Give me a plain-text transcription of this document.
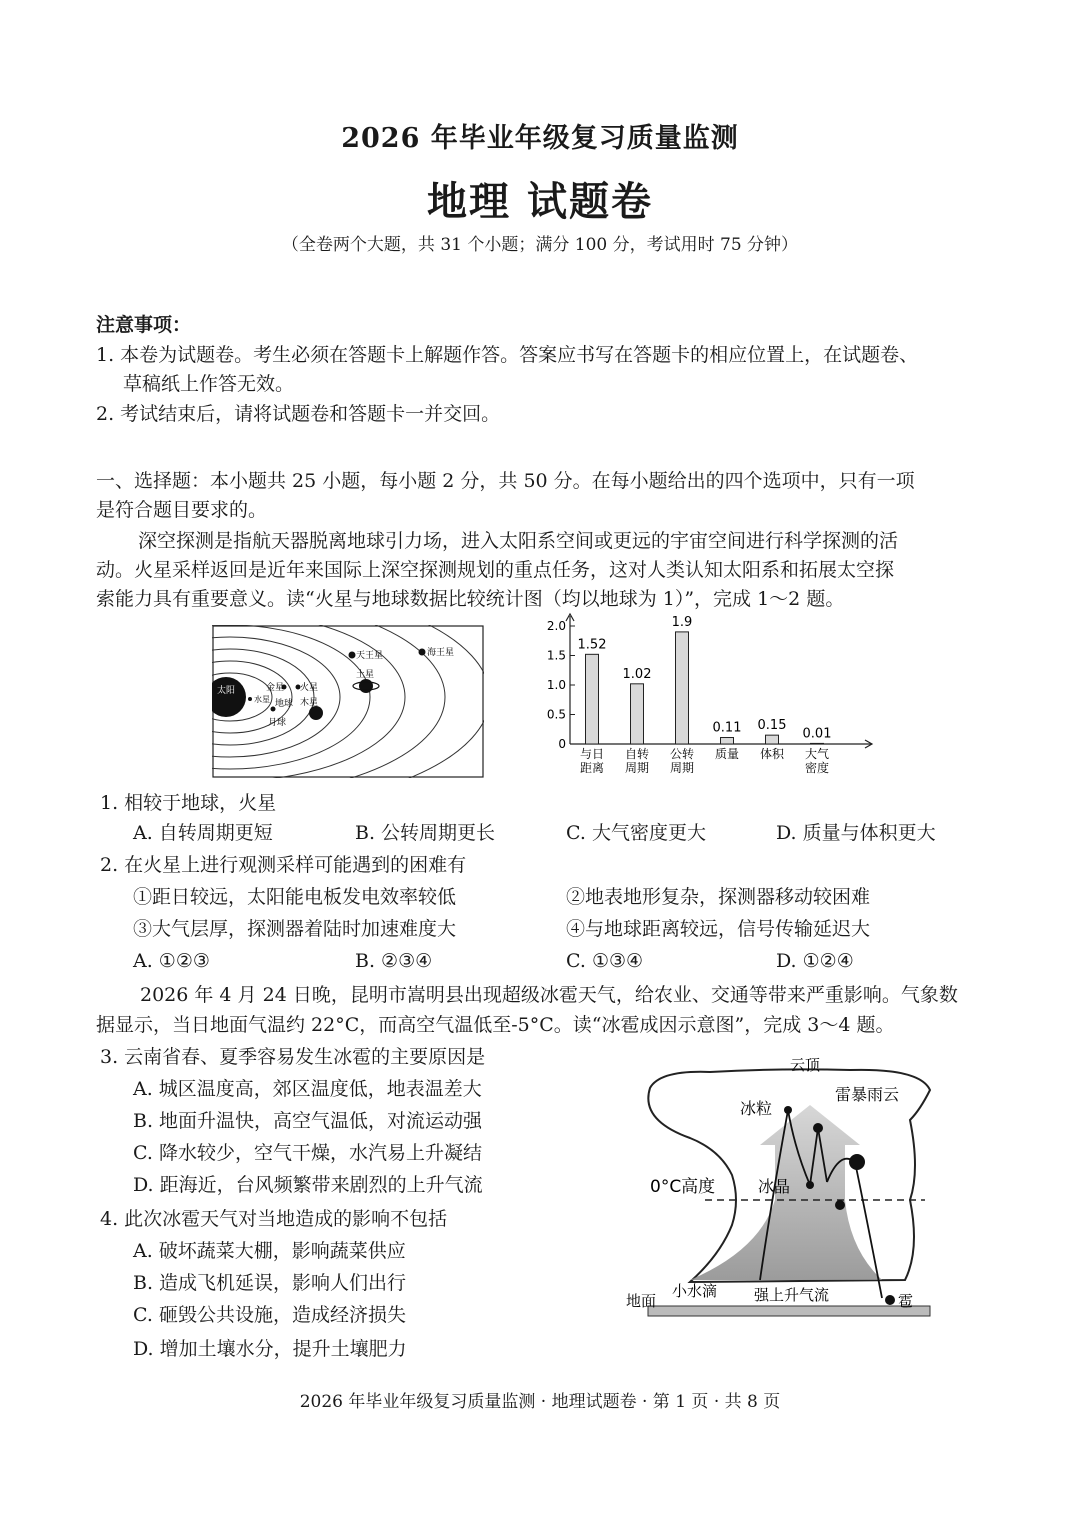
2026 年毕业年级复习质量监测
地理 试题卷
（全卷两个大题，共 31 个小题；满分 100 分，考试用时 75 分钟）
注意事项：
1. 本卷为试题卷。考生必须在答题卡上解题作答。答案应书写在答题卡的相应位置上，在试题卷、
草稿纸上作答无效。
2. 考试结束后，请将试题卷和答题卡一并交回。
一、选择题：本小题共 25 小题，每小题 2 分，共 50 分。在每小题给出的四个选项中，只有一项
是符合题目要求的。
深空探测是指航天器脱离地球引力场，进入太阳系空间或更远的宇宙空间进行科学探测的活
动。火星采样返回是近年来国际上深空探测规划的重点任务，这对人类认知太阳系和拓展太空探
索能力具有重要意义。读“火星与地球数据比较统计图（均以地球为 1）”，完成 1～2 题。
太阳
水星
金星
地球
月球
火星
木星
土星
天王星	海王星
0
0.5
1.0
1.5
2.0
1.52
与日
距离
1.02
自转
周期
1.9
公转
周期
0.11
质量
0.15
体积
0.01
大气
密度
1. 相较于地球，火星
A. 自转周期更短	B. 公转周期更长	C. 大气密度更大	D. 质量与体积更大
2. 在火星上进行观测采样可能遇到的困难有
①距日较远，太阳能电板发电效率较低	②地表地形复杂，探测器移动较困难
③大气层厚，探测器着陆时加速难度大	④与地球距离较远，信号传输延迟大
A. ①②③	B. ②③④	C. ①③④	D. ①②④
2026 年 4 月 24 日晚，昆明市嵩明县出现超级冰雹天气，给农业、交通等带来严重影响。气象数
据显示，当日地面气温约 22°C，而高空气温低至-5°C。读“冰雹成因示意图”，完成 3～4 题。
3. 云南省春、夏季容易发生冰雹的主要原因是
A. 城区温度高，郊区温度低，地表温差大
B. 地面升温快，高空气温低，对流运动强
C. 降水较少，空气干燥，水汽易上升凝结
D. 距海近，台风频繁带来剧烈的上升气流
4. 此次冰雹天气对当地造成的影响不包括
A. 破坏蔬菜大棚，影响蔬菜供应
B. 造成飞机延误，影响人们出行
C. 砸毁公共设施，造成经济损失
D. 增加土壤水分，提升土壤肥力
云顶
雷暴雨云
冰粒
0°C高度	冰晶
地面
小水滴 强上升气流	雹
2026 年毕业年级复习质量监测 · 地理试题卷 · 第 1 页 · 共 8 页
